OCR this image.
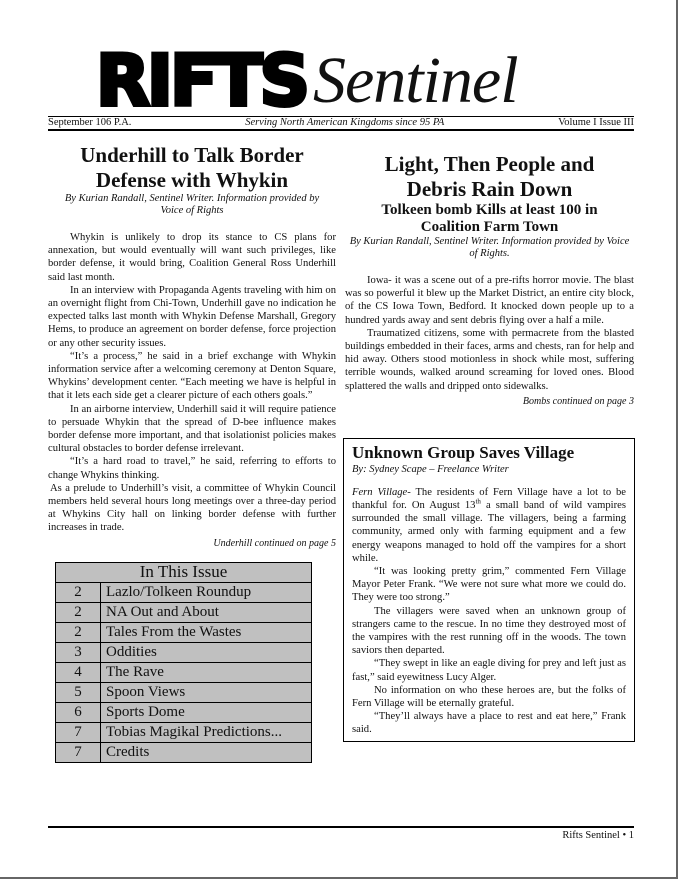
RIFTS Sentinel
September 106 P.A.	Serving North American Kingdoms since 95 PA	Volume I Issue III
Underhill to Talk Border Defense with Whykin
By Kurian Randall, Sentinel Writer. Information provided by Voice of Rights

Whykin is unlikely to drop its stance to CS plans for annexation, but would eventually will want such privileges, like border defense, it would bring, Coalition General Ross Underhill said last month.

In an interview with Propaganda Agents traveling with him on an overnight flight from Chi-Town, Underhill gave no indication he expected talks last month with Whykin Defense Marshall, Gregory Hems, to produce an agreement on border defense, force projection or any other security issues.

“It’s a process,” he said in a brief exchange with Whykin information service after a welcoming ceremony at Denton Square, Whykins’ development center. “Each meeting we have is helpful in that it lets each side get a clearer picture of each others goals.”

In an airborne interview, Underhill said it will require patience to persuade Whykin that the spread of D-bee influence makes border defense more important, and that isolationist policies makes cultural obstacles to border defense irrelevant.

“It’s a hard road to travel,” he said, referring to efforts to change Whykins thinking.

As a prelude to Underhill’s visit, a committee of Whykin Council members held several hours long meetings over a three-day period at Whykins City hall on linking border defense with further increases in trade.

Underhill continued on page 5
In This Issue	
2	Lazlo/Tolkeen Roundup
2	NA Out and About
2	Tales From the Wastes
3	Oddities
4	The Rave
5	Spoon Views
6	Sports Dome
7	Tobias Magikal Predictions...
7	Credits
Light, Then People and Debris Rain Down
Tolkeen bomb Kills at least 100 in Coalition Farm Town
By Kurian Randall, Sentinel Writer. Information provided by Voice of Rights.

Iowa- it was a scene out of a pre-rifts horror movie. The blast was so powerful it blew up the Market District, an entire city block, of the CS Iowa Town, Bedford. It knocked down people up to a hundred yards away and sent debris flying over a half a mile.

Traumatized citizens, some with permacrete from the blasted buildings embedded in their faces, arms and chests, ran for help and hid away. Others stood motionless in shock while most, suffering terrible wounds, walked around screaming for loved ones. Blood splattered the walls and dripped onto sidewalks.

Bombs continued on page 3
Unknown Group Saves Village
By: Sydney Scape – Freelance Writer

Fern Village- The residents of Fern Village have a lot to be thankful for. On August 13th a small band of wild vampires surrounded the small village. The villagers, being a farming community, armed only with farming equipment and a few energy weapons managed to hold off the vampires for a short while.

“It was looking pretty grim,” commented Fern Village Mayor Peter Frank. “We were not sure what more we could do. They were too strong.”

The villagers were saved when an unknown group of strangers came to the rescue. In no time they destroyed most of the vampires with the rest running off in the woods. The town saviors then departed.

“They swept in like an eagle diving for prey and left just as fast,” said eyewitness Lucy Alger.

No information on who these heroes are, but the folks of Fern Village will be eternally grateful.

“They’ll always have a place to rest and eat here,” Frank said.

Rifts Sentinel • 1
